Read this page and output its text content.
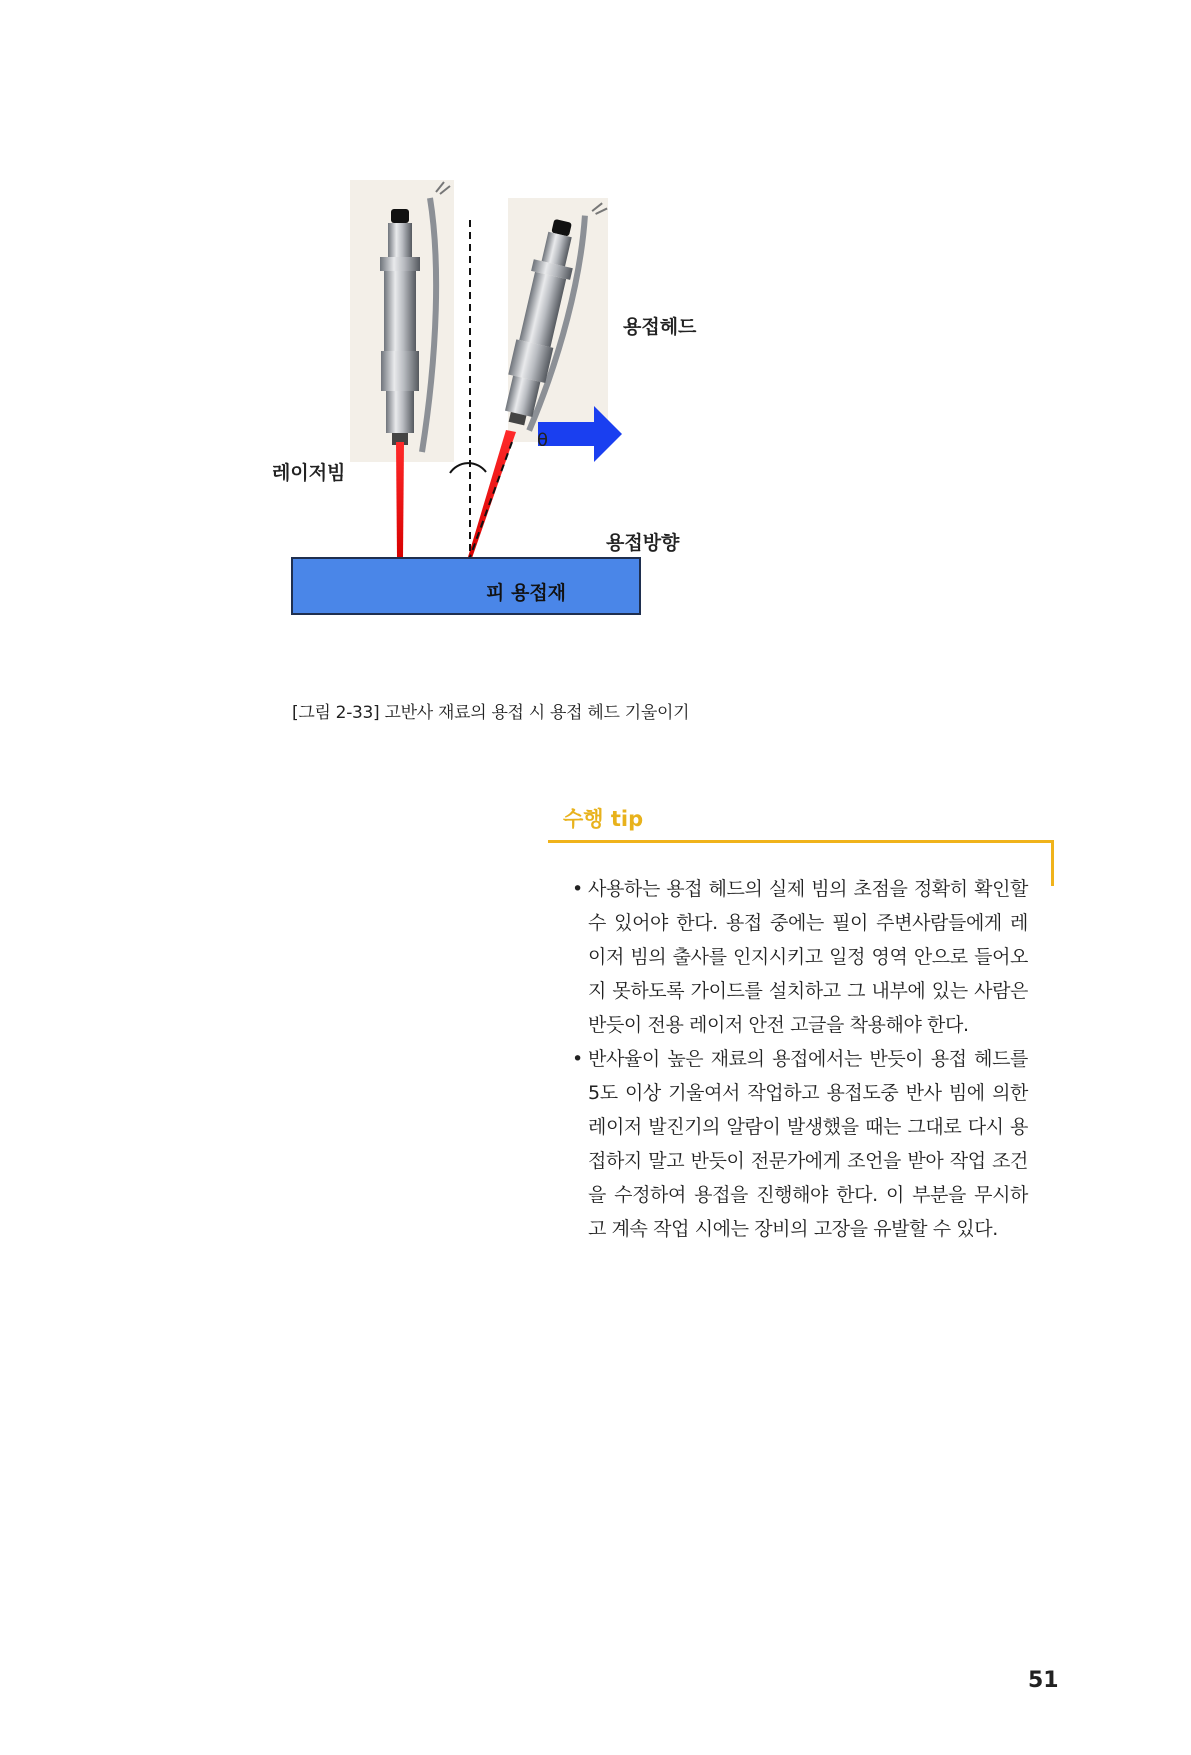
레이저빔
용접헤드
용접방향
θ
피 용접재
[그림 2-33] 고반사 재료의 용접 시 용접 헤드 기울이기
수행 tip
• 사용하는 용접 헤드의 실제 빔의 초점을 정확히 확인할 수 있어야 한다. 용접 중에는 필이 주변사람들에게 레이저 빔의 출사를 인지시키고 일정 영역 안으로 들어오지 못하도록 가이드를 설치하고 그 내부에 있는 사람은 반듯이 전용 레이저 안전 고글을 착용해야 한다.
• 반사율이 높은 재료의 용접에서는 반듯이 용접 헤드를 5도 이상 기울여서 작업하고 용접도중 반사 빔에 의한 레이저 발진기의 알람이 발생했을 때는 그대로 다시 용접하지 말고 반듯이 전문가에게 조언을 받아 작업 조건을 수정하여 용접을 진행해야 한다. 이 부분을 무시하고 계속 작업 시에는 장비의 고장을 유발할 수 있다.
51
